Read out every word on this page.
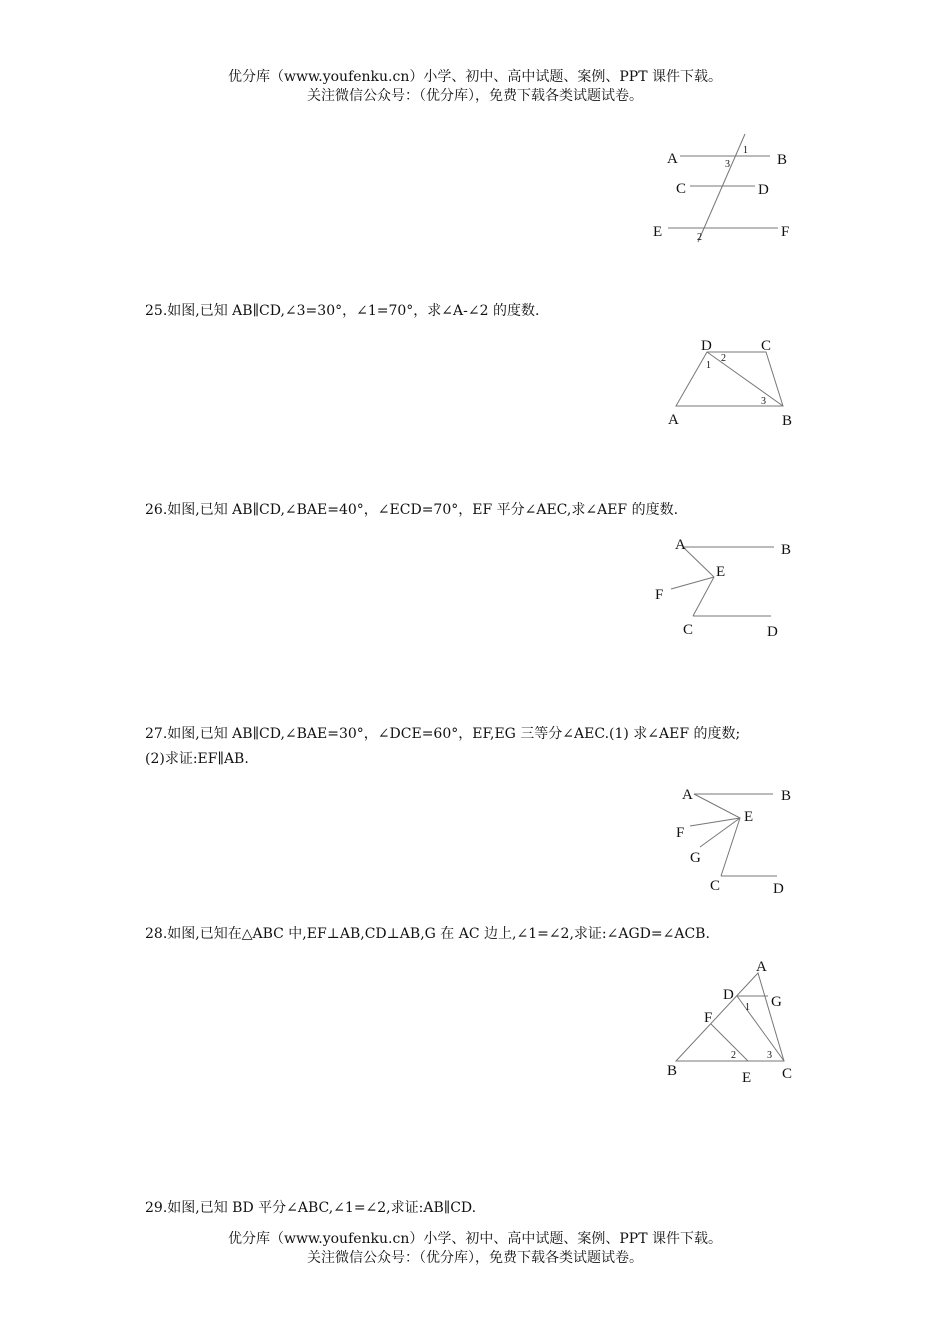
优分库（www.youfenku.cn）小学、初中、高中试题、案例、PPT 课件下载。
关注微信公众号：（优分库），免费下载各类试题试卷。
A	B
C	D
E	F
1
2
3
D	C
A	B
1
2
3
A	B
E
F
C	D
A	B
E
F
G
C	D
A
D G
F
B	E C
1
2	3
25.如图,已知 AB∥CD,∠3=30°，∠1=70°，求∠A-∠2 的度数.
26.如图,已知 AB∥CD,∠BAE=40°，∠ECD=70°，EF 平分∠AEC,求∠AEF 的度数.
27.如图,已知 AB∥CD,∠BAE=30°，∠DCE=60°，EF,EG 三等分∠AEC.(1) 求∠AEF 的度数;
(2)求证:EF∥AB.
28.如图,已知在△ABC 中,EF⊥AB,CD⊥AB,G 在 AC 边上,∠1=∠2,求证:∠AGD=∠ACB.
29.如图,已知 BD 平分∠ABC,∠1=∠2,求证:AB∥CD.
优分库（www.youfenku.cn）小学、初中、高中试题、案例、PPT 课件下载。
关注微信公众号：（优分库），免费下载各类试题试卷。
